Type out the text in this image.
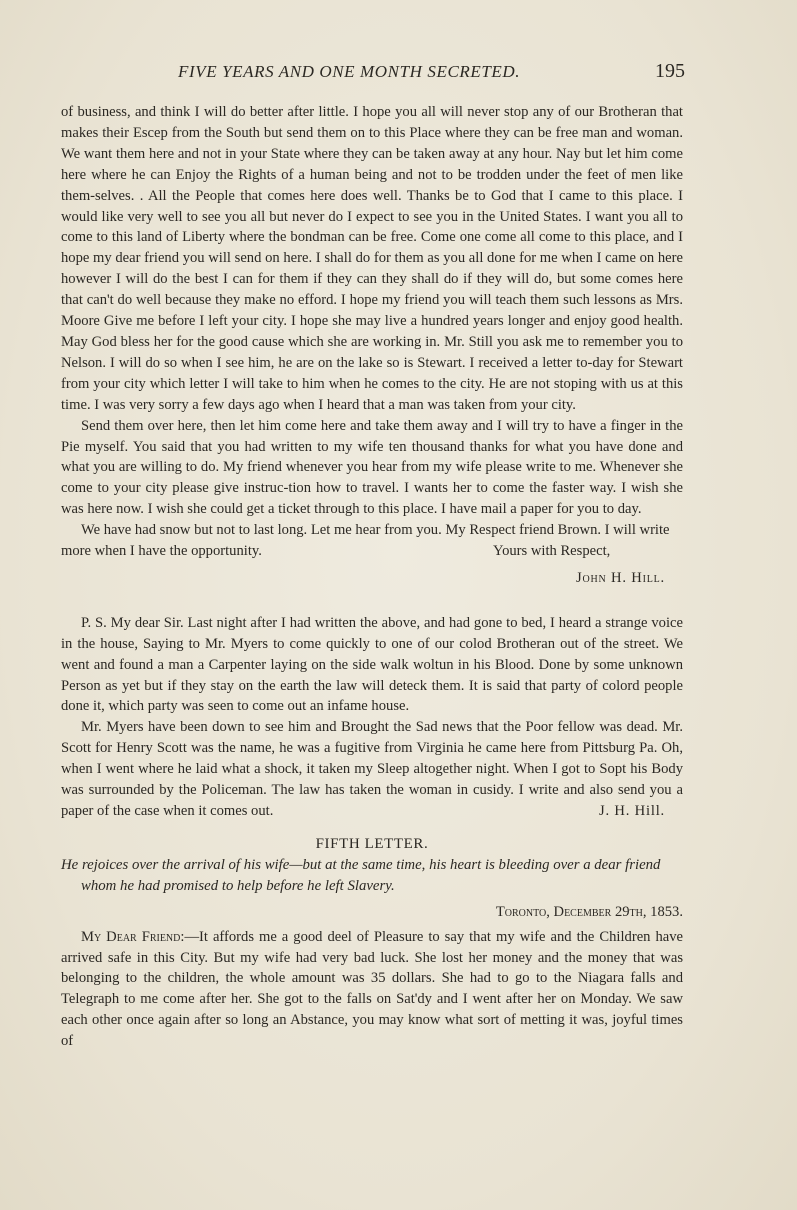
FIVE YEARS AND ONE MONTH SECRETED.	195

of business, and think I will do better after little. I hope you all will never stop any of our Brotheran that makes their Escep from the South but send them on to this Place where they can be free man and woman. We want them here and not in your State where they can be taken away at any hour. Nay but let him come here where he can Enjoy the Rights of a human being and not to be trodden under the feet of men like them-selves. . All the People that comes here does well. Thanks be to God that I came to this place. I would like very well to see you all but never do I expect to see you in the United States. I want you all to come to this land of Liberty where the bondman can be free. Come one come all come to this place, and I hope my dear friend you will send on here. I shall do for them as you all done for me when I came on here however I will do the best I can for them if they can they shall do if they will do, but some comes here that can't do well because they make no efford. I hope my friend you will teach them such lessons as Mrs. Moore Give me before I left your city. I hope she may live a hundred years longer and enjoy good health. May God bless her for the good cause which she are working in. Mr. Still you ask me to remember you to Nelson. I will do so when I see him, he are on the lake so is Stewart. I received a letter to-day for Stewart from your city which letter I will take to him when he comes to the city. He are not stoping with us at this time. I was very sorry a few days ago when I heard that a man was taken from your city.

Send them over here, then let him come here and take them away and I will try to have a finger in the Pie myself. You said that you had written to my wife ten thousand thanks for what you have done and what you are willing to do. My friend whenever you hear from my wife please write to me. Whenever she come to your city please give instruc-tion how to travel. I wants her to come the faster way. I wish she was here now. I wish she could get a ticket through to this place. I have mail a paper for you to day.

We have had snow but not to last long. Let me hear from you. My Respect friend Brown. I will write more when I have the opportunity.	Yours with Respect,

John H. Hill.

P. S. My dear Sir. Last night after I had written the above, and had gone to bed, I heard a strange voice in the house, Saying to Mr. Myers to come quickly to one of our colod Brotheran out of the street. We went and found a man a Carpenter laying on the side walk woltun in his Blood. Done by some unknown Person as yet but if they stay on the earth the law will deteck them. It is said that party of colord people done it, which party was seen to come out an infame house.

Mr. Myers have been down to see him and Brought the Sad news that the Poor fellow was dead. Mr. Scott for Henry Scott was the name, he was a fugitive from Virginia he came here from Pittsburg Pa. Oh, when I went where he laid what a shock, it taken my Sleep altogether night. When I got to Sopt his Body was surrounded by the Policeman. The law has taken the woman in cusidy. I write and also send you a paper of the case when it comes out.	J. H. Hill.
FIFTH LETTER.
He rejoices over the arrival of his wife—but at the same time, his heart is bleeding over a dear friend whom he had promised to help before he left Slavery.
Toronto, December 29th, 1853.

My Dear Friend:—It affords me a good deel of Pleasure to say that my wife and the Children have arrived safe in this City. But my wife had very bad luck. She lost her money and the money that was belonging to the children, the whole amount was 35 dollars. She had to go to the Niagara falls and Telegraph to me come after her. She got to the falls on Sat'dy and I went after her on Monday. We saw each other once again after so long an Abstance, you may know what sort of metting it was, joyful times of
